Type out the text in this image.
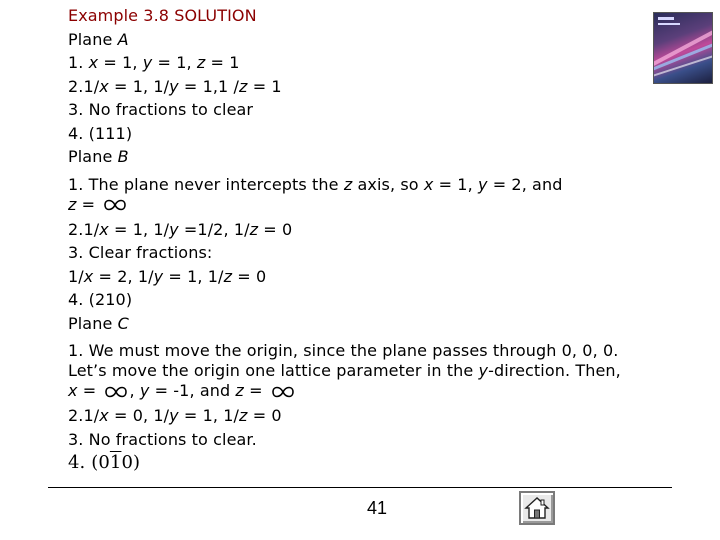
Example 3.8 SOLUTION
Plane A
1. x = 1, y = 1, z = 1
2.1/x = 1, 1/y = 1,1 /z = 1
3. No fractions to clear
4. (111)
Plane B
1. The plane never intercepts the z axis, so x = 1, y = 2, and
z =
2.1/x = 1, 1/y =1/2, 1/z = 0
3. Clear fractions:
1/x = 2, 1/y = 1, 1/z = 0
4. (210)
Plane C
1. We must move the origin, since the plane passes through 0, 0, 0. Let’s move the origin one lattice parameter in the y-direction. Then, x = , y = -1, and z =
2.1/x = 0, 1/y = 1, 1/z = 0
3. No fractions to clear.
4. (010)
41
